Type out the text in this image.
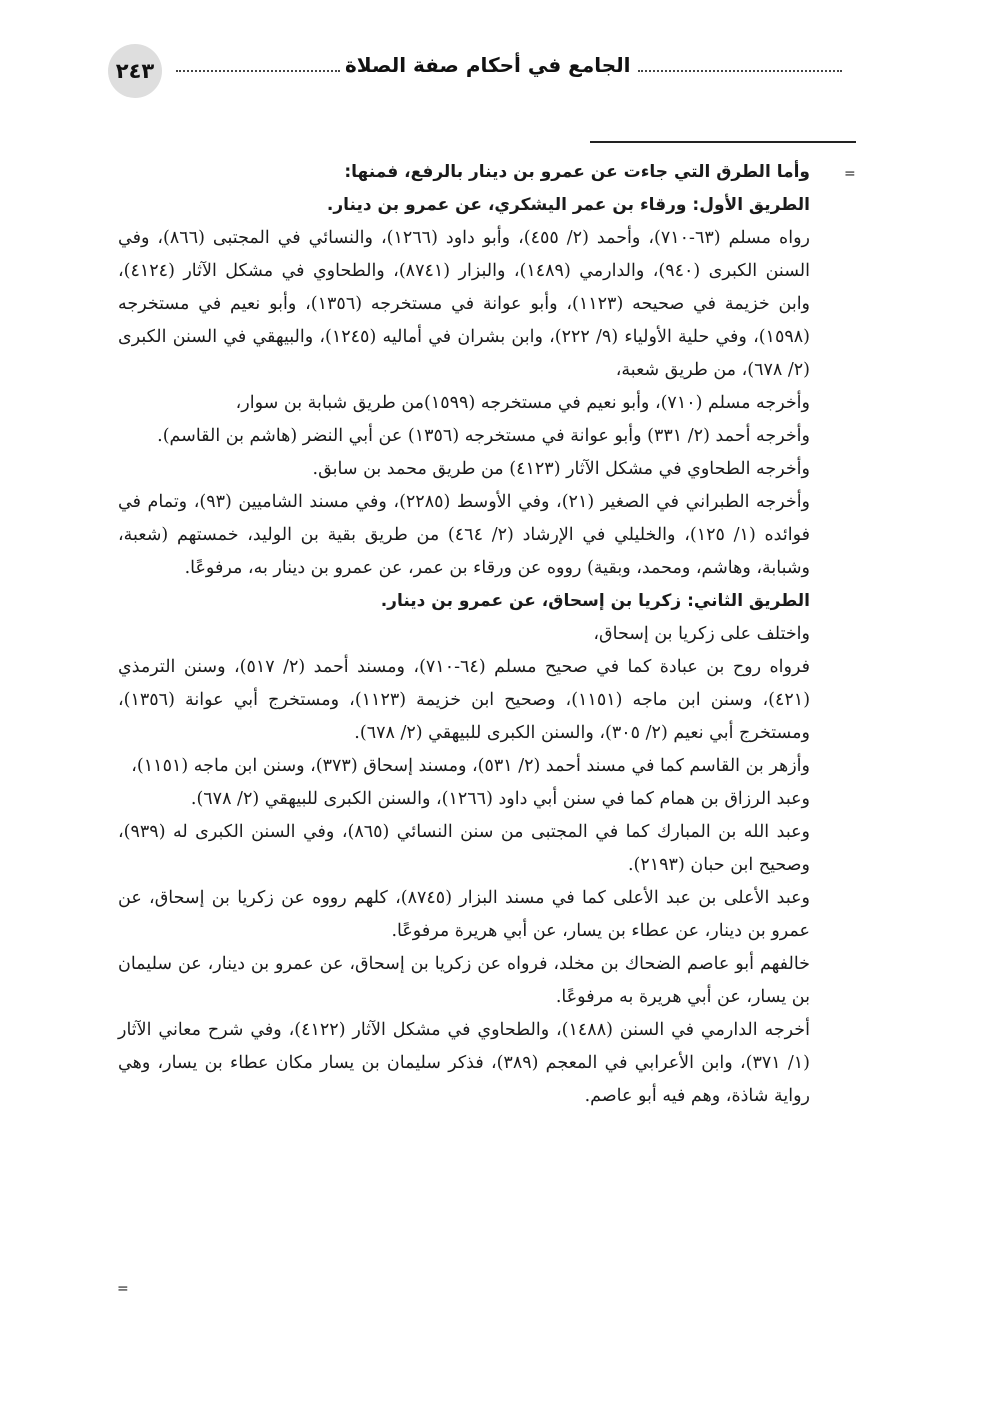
٢٤٣	الجامع في أحكام صفة الصلاة
=
=

وأما الطرق التي جاءت عن عمرو بن دينار بالرفع، فمنها:

الطريق الأول: ورقاء بن عمر اليشكري، عن عمرو بن دينار.

رواه مسلم (٦٣-٧١٠)، وأحمد (٢/ ٤٥٥)، وأبو داود (١٢٦٦)، والنسائي في المجتبى (٨٦٦)، وفي السنن الكبرى (٩٤٠)، والدارمي (١٤٨٩)، والبزار (٨٧٤١)، والطحاوي في مشكل الآثار (٤١٢٤)، وابن خزيمة في صحيحه (١١٢٣)، وأبو عوانة في مستخرجه (١٣٥٦)، وأبو نعيم في مستخرجه (١٥٩٨)، وفي حلية الأولياء (٩/ ٢٢٢)، وابن بشران في أماليه (١٢٤٥)، والبيهقي في السنن الكبرى (٢/ ٦٧٨)، من طريق شعبة،

وأخرجه مسلم (٧١٠)، وأبو نعيم في مستخرجه (١٥٩٩)من طريق شبابة بن سوار،

وأخرجه أحمد (٢/ ٣٣١) وأبو عوانة في مستخرجه (١٣٥٦) عن أبي النضر (هاشم بن القاسم).

وأخرجه الطحاوي في مشكل الآثار (٤١٢٣) من طريق محمد بن سابق.

وأخرجه الطبراني في الصغير (٢١)، وفي الأوسط (٢٢٨٥)، وفي مسند الشاميين (٩٣)، وتمام في فوائده (١/ ١٢٥)، والخليلي في الإرشاد (٢/ ٤٦٤) من طريق بقية بن الوليد، خمستهم (شعبة، وشبابة، وهاشم، ومحمد، وبقية) رووه عن ورقاء بن عمر، عن عمرو بن دينار به، مرفوعًا.

الطريق الثاني: زكريا بن إسحاق، عن عمرو بن دينار.

واختلف على زكريا بن إسحاق،

فرواه روح بن عبادة كما في صحيح مسلم (٦٤-٧١٠)، ومسند أحمد (٢/ ٥١٧)، وسنن الترمذي (٤٢١)، وسنن ابن ماجه (١١٥١)، وصحيح ابن خزيمة (١١٢٣)، ومستخرج أبي عوانة (١٣٥٦)، ومستخرج أبي نعيم (٢/ ٣٠٥)، والسنن الكبرى للبيهقي (٢/ ٦٧٨).

وأزهر بن القاسم كما في مسند أحمد (٢/ ٥٣١)، ومسند إسحاق (٣٧٣)، وسنن ابن ماجه (١١٥١)،

وعبد الرزاق بن همام كما في سنن أبي داود (١٢٦٦)، والسنن الكبرى للبيهقي (٢/ ٦٧٨).

وعبد الله بن المبارك كما في المجتبى من سنن النسائي (٨٦٥)، وفي السنن الكبرى له (٩٣٩)، وصحيح ابن حبان (٢١٩٣).

وعبد الأعلى بن عبد الأعلى كما في مسند البزار (٨٧٤٥)، كلهم رووه عن زكريا بن إسحاق، عن عمرو بن دينار، عن عطاء بن يسار، عن أبي هريرة مرفوعًا.

خالفهم أبو عاصم الضحاك بن مخلد، فرواه عن زكريا بن إسحاق، عن عمرو بن دينار، عن سليمان بن يسار، عن أبي هريرة به مرفوعًا.

أخرجه الدارمي في السنن (١٤٨٨)، والطحاوي في مشكل الآثار (٤١٢٢)، وفي شرح معاني الآثار (١/ ٣٧١)، وابن الأعرابي في المعجم (٣٨٩)، فذكر سليمان بن يسار مكان عطاء بن يسار، وهي رواية شاذة، وهم فيه أبو عاصم.
